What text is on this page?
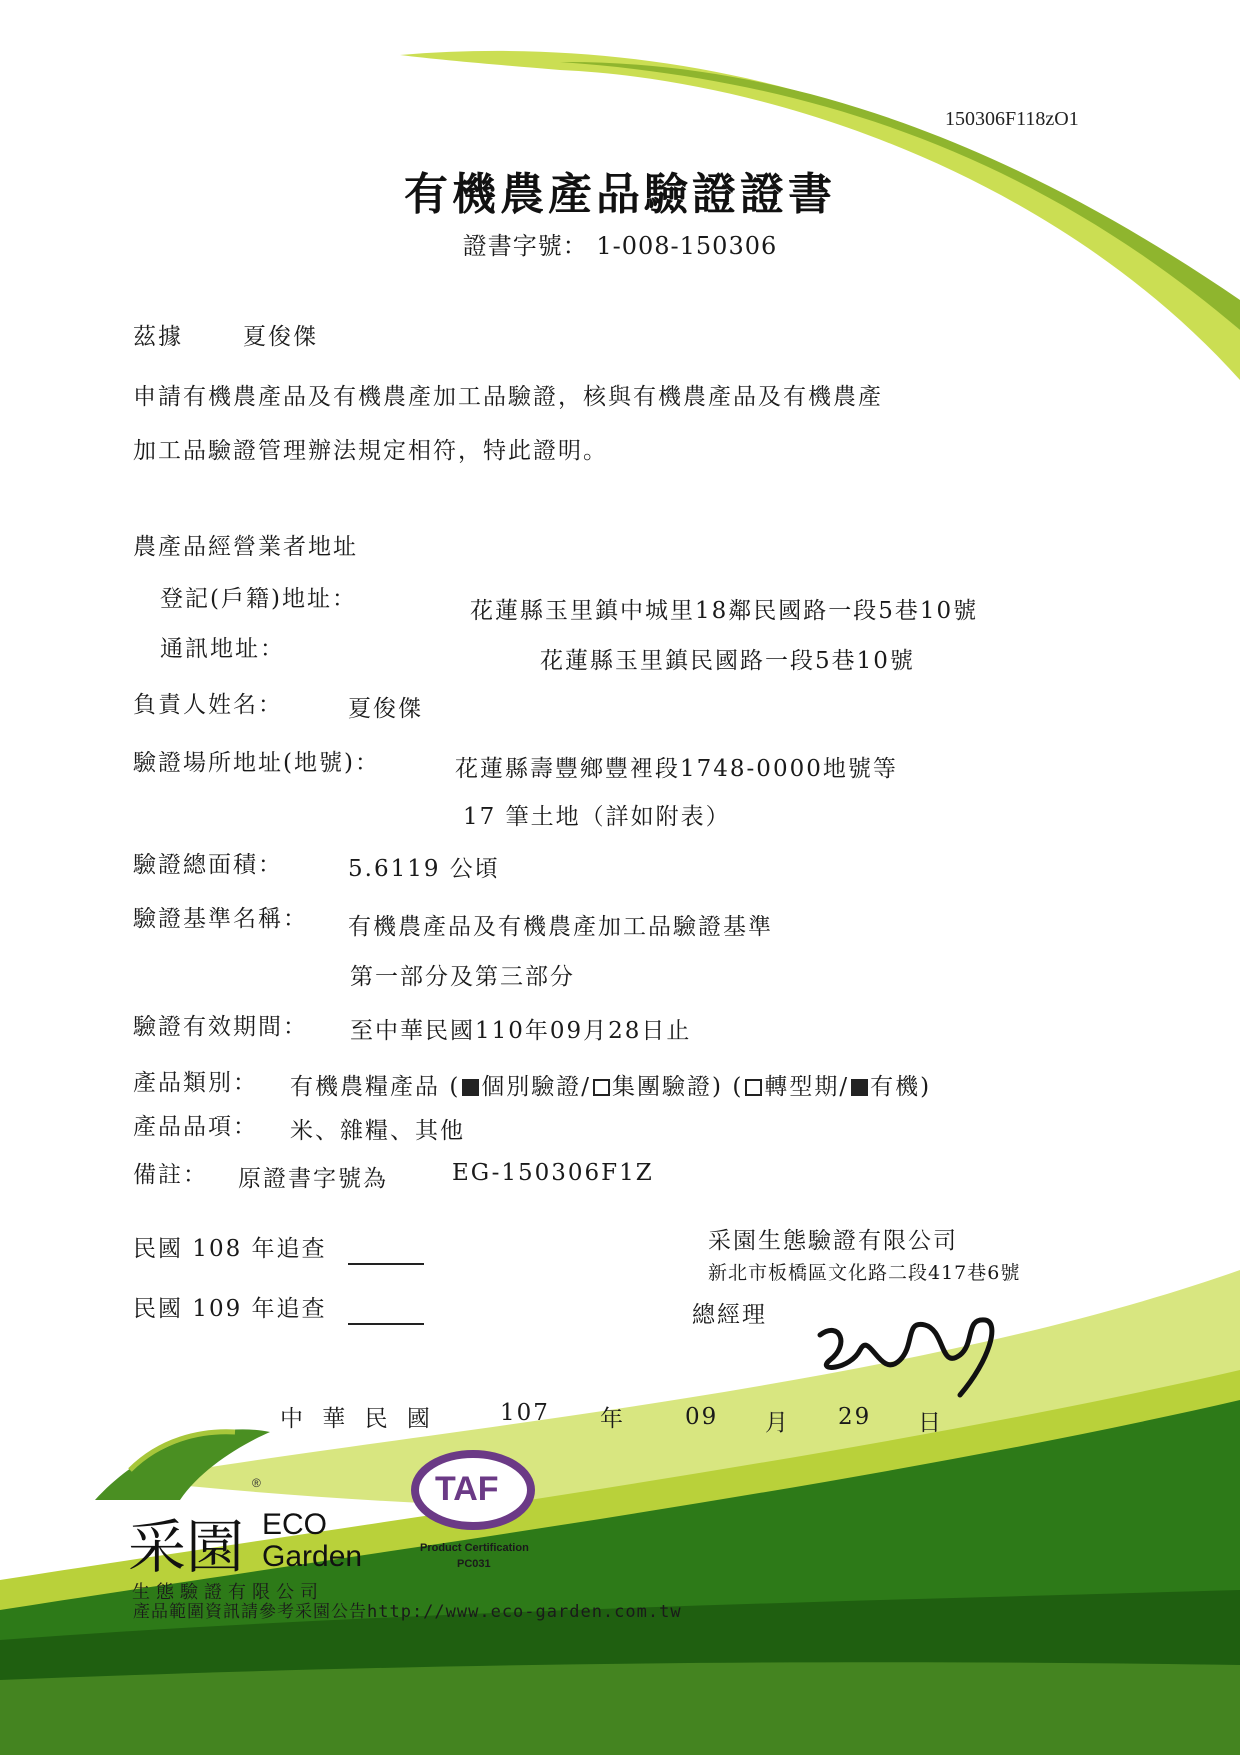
150306F118zO1
有機農產品驗證證書
證書字號： 1-008-150306
茲據	夏俊傑
申請有機農產品及有機農產加工品驗證，核與有機農產品及有機農產
加工品驗證管理辦法規定相符，特此證明。
農產品經營業者地址
登記(戶籍)地址：	花蓮縣玉里鎮中城里18鄰民國路一段5巷10號
通訊地址：	花蓮縣玉里鎮民國路一段5巷10號
負責人姓名：	夏俊傑
驗證場所地址(地號)：	花蓮縣壽豐鄉豐裡段1748-0000地號等
17 筆土地（詳如附表）
驗證總面積：	5.6119 公頃
驗證基準名稱： 有機農產品及有機農產加工品驗證基準
第一部分及第三部分
驗證有效期間： 至中華民國110年09月28日止
產品類別： 有機農糧產品 ( 個別驗證/ 集團驗證) ( 轉型期/ 有機)
產品品項： 米、雜糧、其他
備註： 原證書字號為	EG-150306F1Z
民國 108 年追查
民國 109 年追查
采園生態驗證有限公司
新北市板橋區文化路二段417巷6號
總經理
中 華 民 國	107 年	09 月 29 日
采園 ECO
Garden
®
生態驗證有限公司
TAF
Product Certification
PC031
產品範圍資訊請參考采園公告http://www.eco-garden.com.tw
